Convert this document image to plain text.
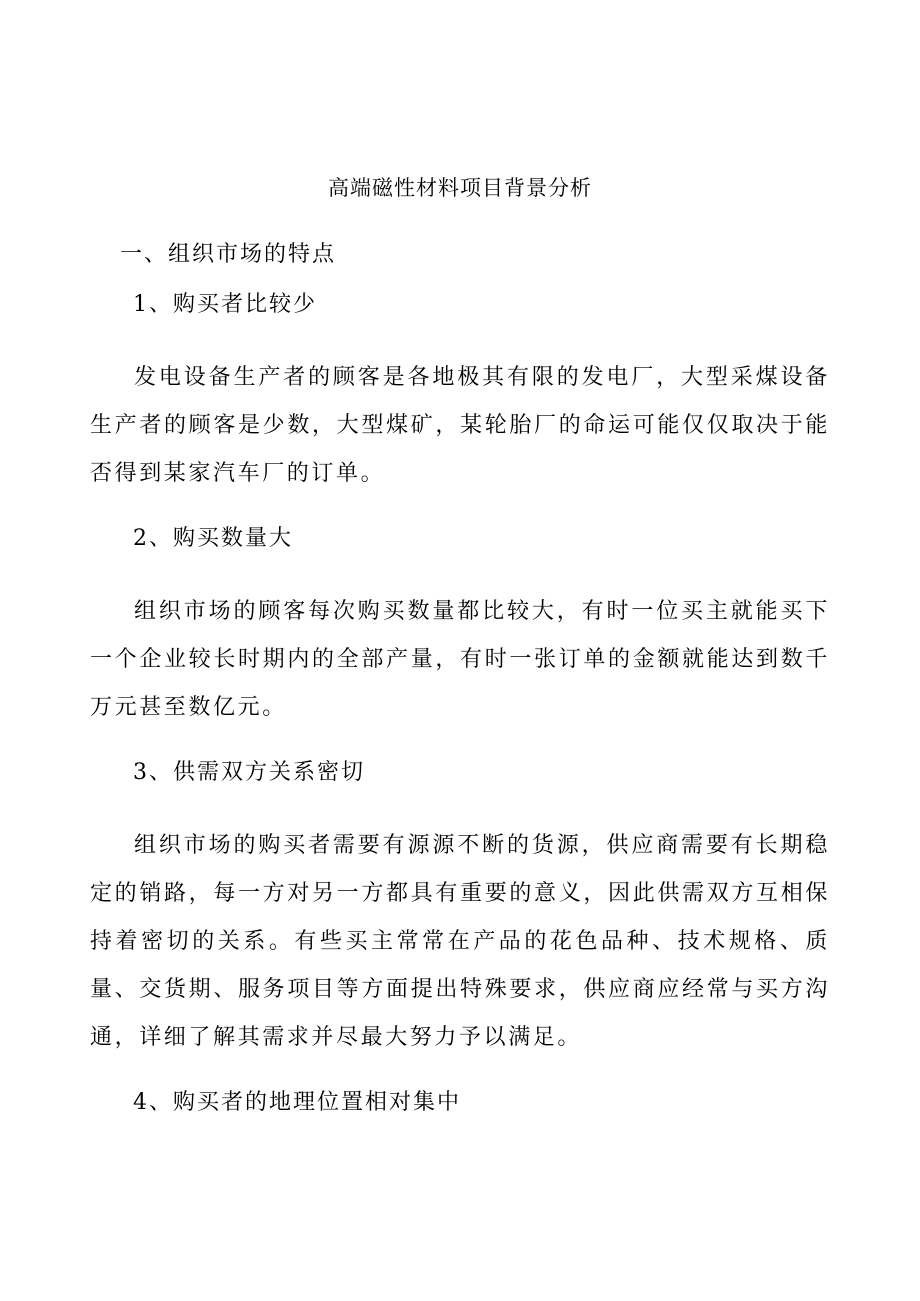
高端磁性材料项目背景分析
一、组织市场的特点
1、购买者比较少

发电设备生产者的顾客是各地极其有限的发电厂，大型采煤设备生产者的顾客是少数，大型煤矿，某轮胎厂的命运可能仅仅取决于能否得到某家汽车厂的订单。

2、购买数量大

组织市场的顾客每次购买数量都比较大，有时一位买主就能买下一个企业较长时期内的全部产量，有时一张订单的金额就能达到数千万元甚至数亿元。

3、供需双方关系密切

组织市场的购买者需要有源源不断的货源，供应商需要有长期稳定的销路，每一方对另一方都具有重要的意义，因此供需双方互相保持着密切的关系。有些买主常常在产品的花色品种、技术规格、质量、交货期、服务项目等方面提出特殊要求，供应商应经常与买方沟通，详细了解其需求并尽最大努力予以满足。

4、购买者的地理位置相对集中
